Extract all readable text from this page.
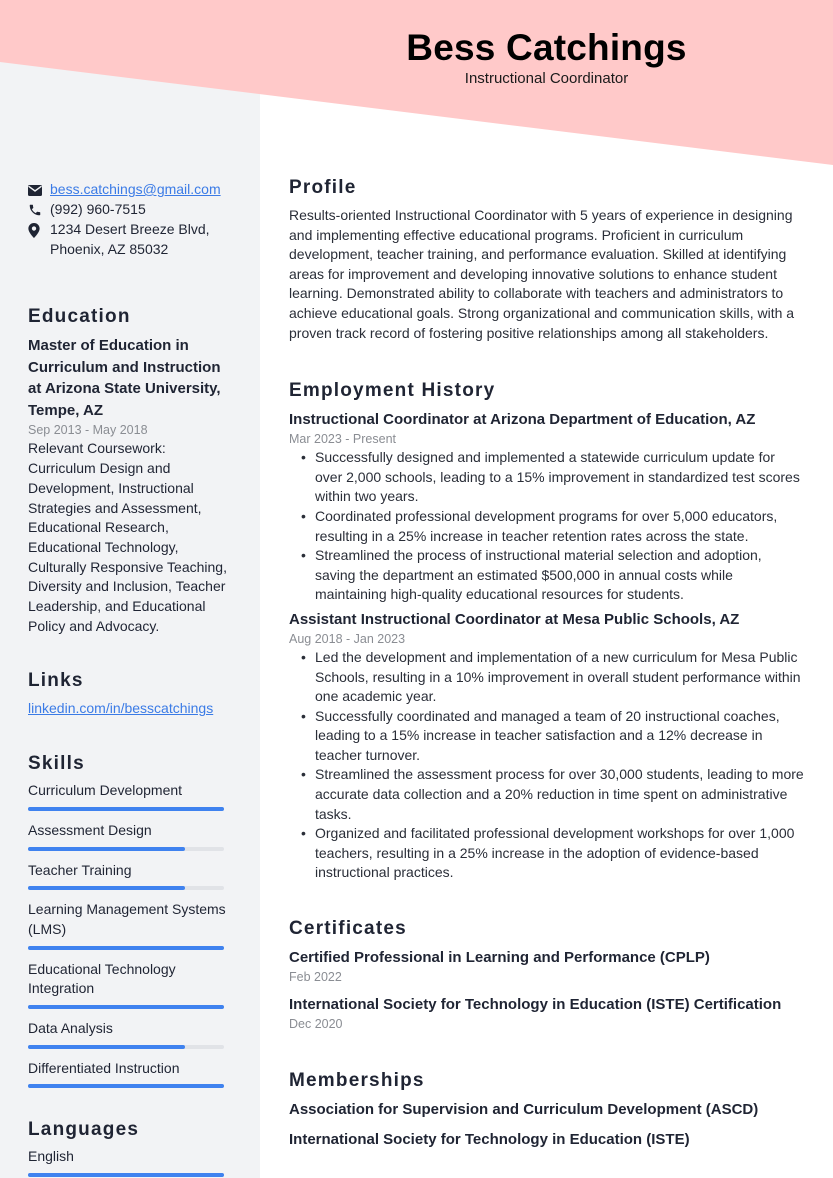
Bess Catchings
Instructional Coordinator
bess.catchings@gmail.com
(992) 960-7515
1234 Desert Breeze Blvd,
Phoenix, AZ 85032
Education
Master of Education in Curriculum and Instruction at Arizona State University, Tempe, AZ
Sep 2013 - May 2018
Relevant Coursework: Curriculum Design and Development, Instructional Strategies and Assessment, Educational Research, Educational Technology, Culturally Responsive Teaching, Diversity and Inclusion, Teacher Leadership, and Educational Policy and Advocacy.
Links
linkedin.com/in/besscatchings
Skills
Curriculum Development
Assessment Design
Teacher Training
Learning Management Systems (LMS)
Educational Technology Integration
Data Analysis
Differentiated Instruction
Languages
English
Profile
Results-oriented Instructional Coordinator with 5 years of experience in designing and implementing effective educational programs. Proficient in curriculum development, teacher training, and performance evaluation. Skilled at identifying areas for improvement and developing innovative solutions to enhance student learning. Demonstrated ability to collaborate with teachers and administrators to achieve educational goals. Strong organizational and communication skills, with a proven track record of fostering positive relationships among all stakeholders.
Employment History
Instructional Coordinator at Arizona Department of Education, AZ
Mar 2023 - Present
• Successfully designed and implemented a statewide curriculum update for over 2,000 schools, leading to a 15% improvement in standardized test scores within two years.
• Coordinated professional development programs for over 5,000 educators, resulting in a 25% increase in teacher retention rates across the state.
• Streamlined the process of instructional material selection and adoption, saving the department an estimated $500,000 in annual costs while maintaining high-quality educational resources for students.
Assistant Instructional Coordinator at Mesa Public Schools, AZ
Aug 2018 - Jan 2023
• Led the development and implementation of a new curriculum for Mesa Public Schools, resulting in a 10% improvement in overall student performance within one academic year.
• Successfully coordinated and managed a team of 20 instructional coaches, leading to a 15% increase in teacher satisfaction and a 12% decrease in teacher turnover.
• Streamlined the assessment process for over 30,000 students, leading to more accurate data collection and a 20% reduction in time spent on administrative tasks.
• Organized and facilitated professional development workshops for over 1,000 teachers, resulting in a 25% increase in the adoption of evidence-based instructional practices.
Certificates
Certified Professional in Learning and Performance (CPLP)
Feb 2022
International Society for Technology in Education (ISTE) Certification
Dec 2020
Memberships
Association for Supervision and Curriculum Development (ASCD)
International Society for Technology in Education (ISTE)
